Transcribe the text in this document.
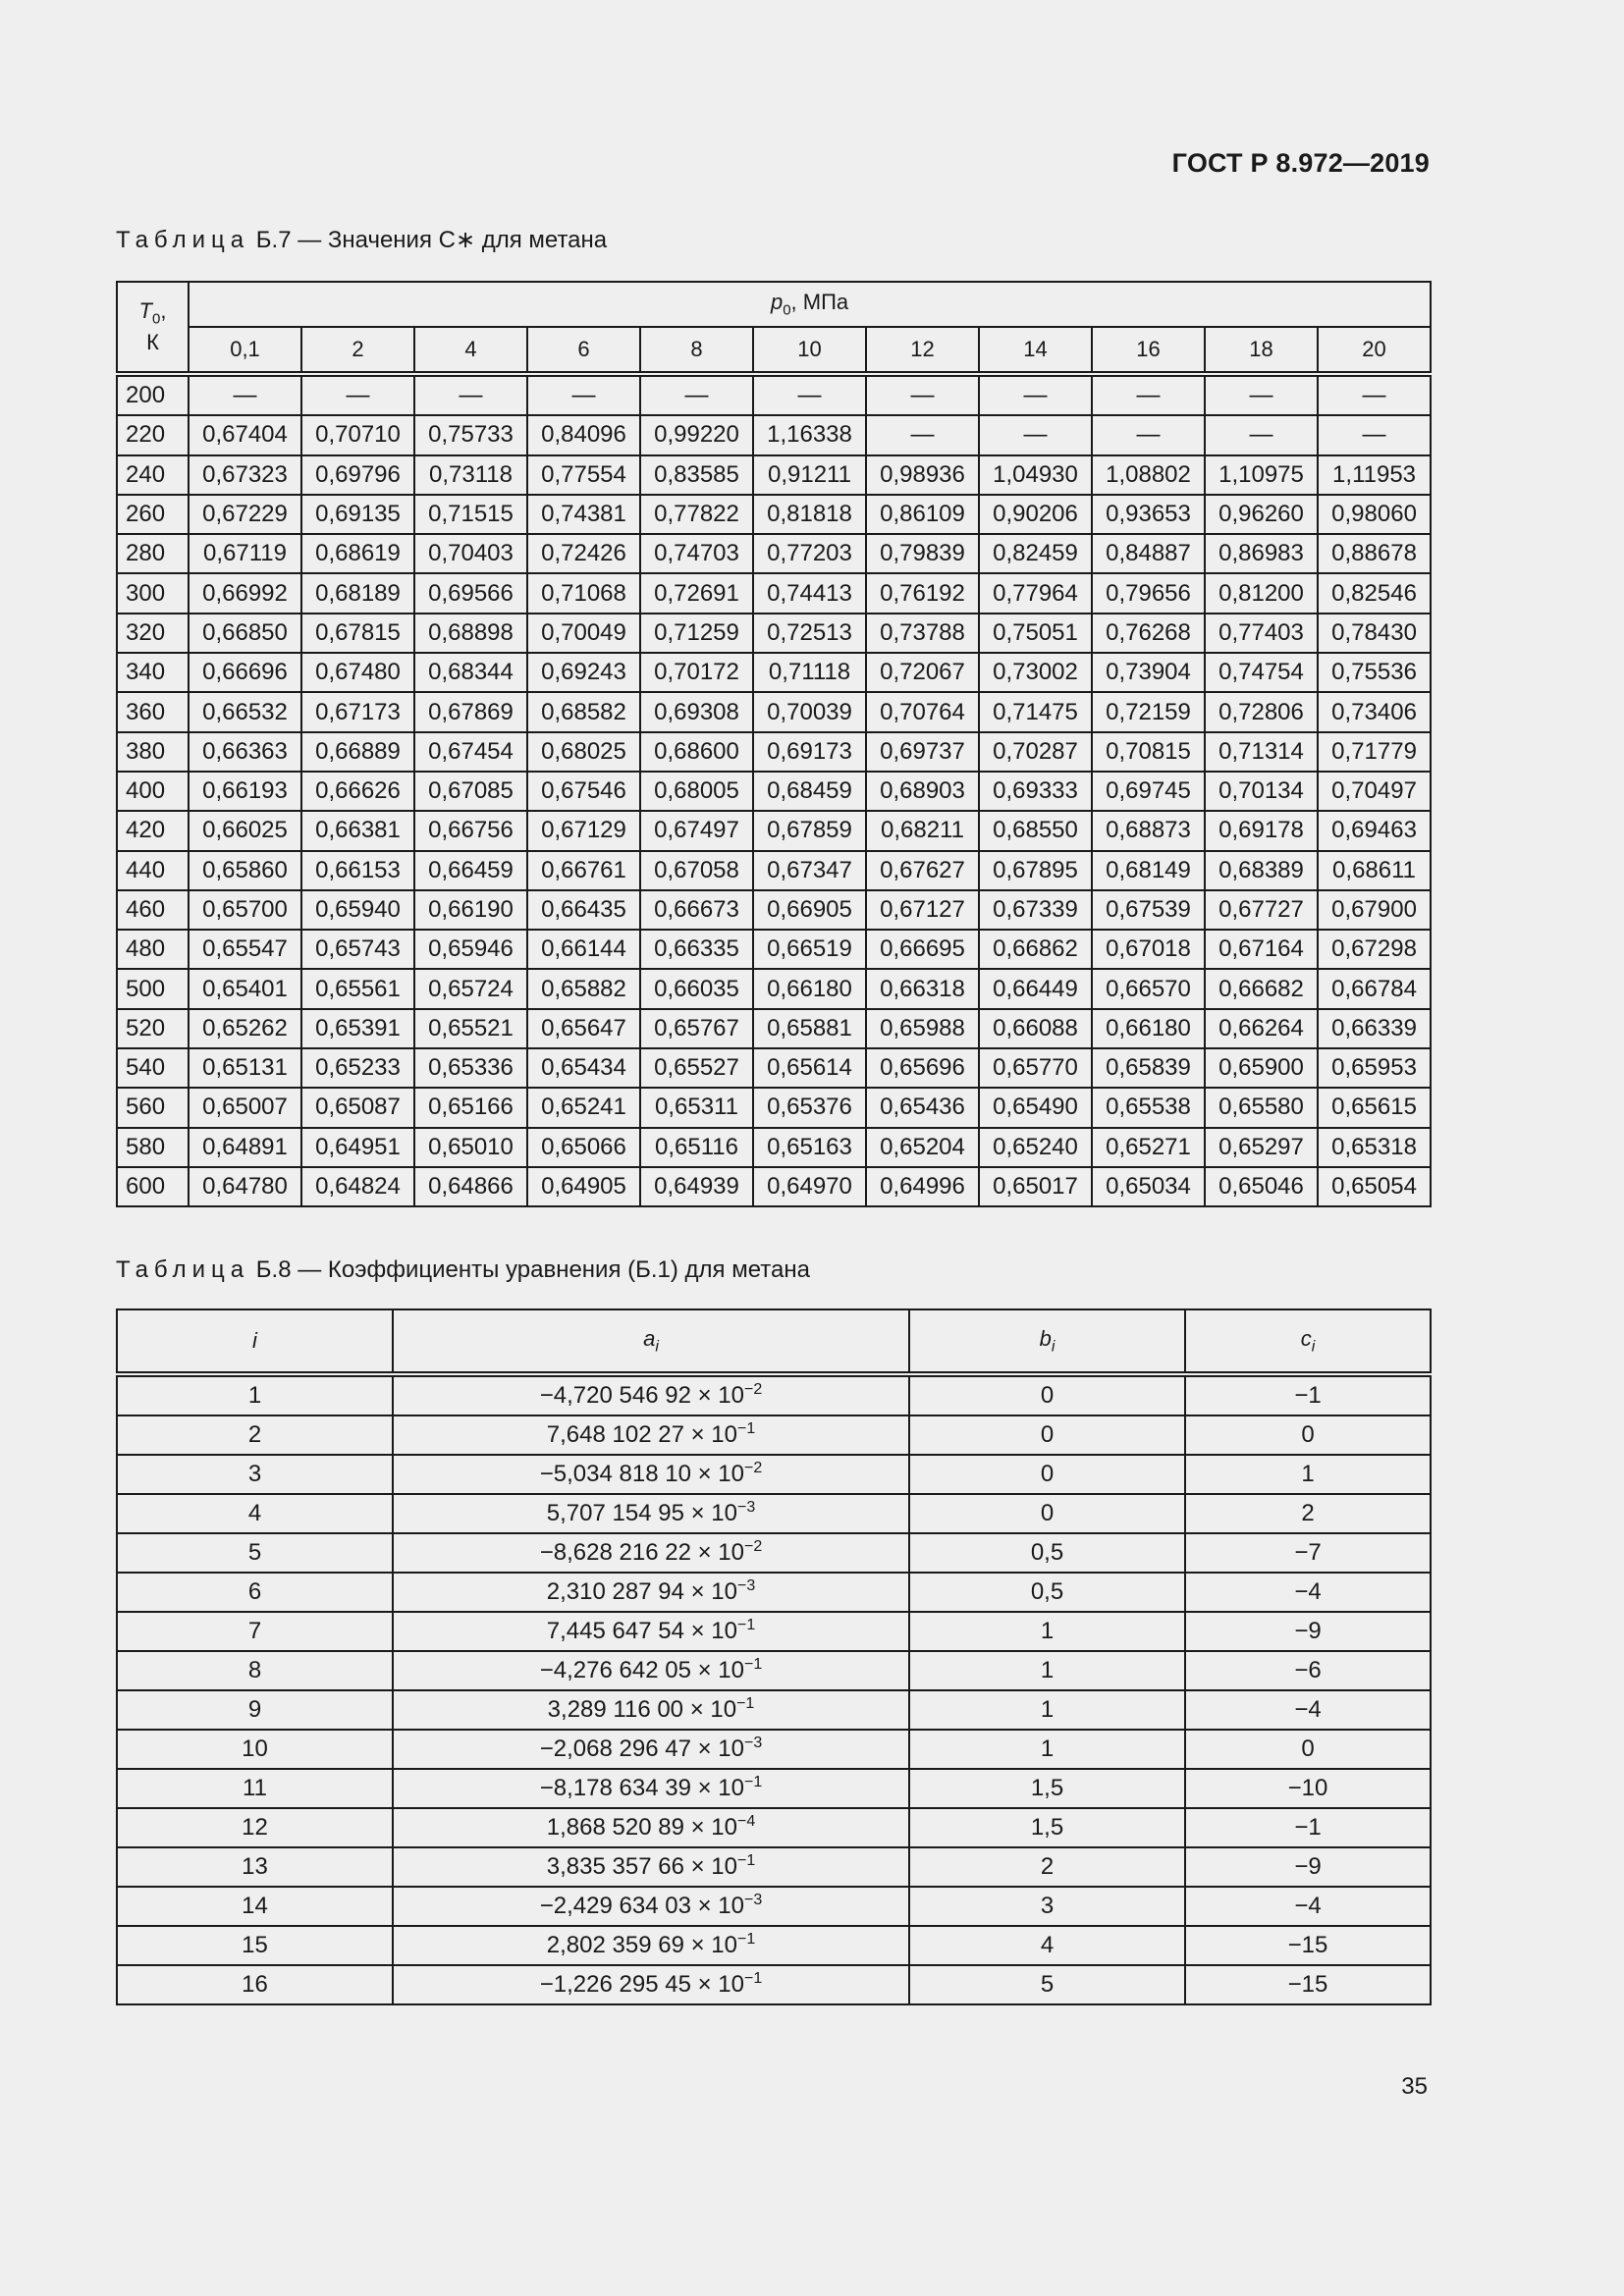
ГОСТ Р 8.972—2019
Таблица Б.7 — Значения C∗ для метана
$T_0$,
К	$p_0$, МПа										
	0,1	2	4	6	8	10	12	14	16	18	20
200	—	—	—	—	—	—	—	—	—	—	—
220	0,67404	0,70710	0,75733	0,84096	0,99220	1,16338	—	—	—	—	—
240	0,67323	0,69796	0,73118	0,77554	0,83585	0,91211	0,98936	1,04930	1,08802	1,10975	1,11953
260	0,67229	0,69135	0,71515	0,74381	0,77822	0,81818	0,86109	0,90206	0,93653	0,96260	0,98060
280	0,67119	0,68619	0,70403	0,72426	0,74703	0,77203	0,79839	0,82459	0,84887	0,86983	0,88678
300	0,66992	0,68189	0,69566	0,71068	0,72691	0,74413	0,76192	0,77964	0,79656	0,81200	0,82546
320	0,66850	0,67815	0,68898	0,70049	0,71259	0,72513	0,73788	0,75051	0,76268	0,77403	0,78430
340	0,66696	0,67480	0,68344	0,69243	0,70172	0,71118	0,72067	0,73002	0,73904	0,74754	0,75536
360	0,66532	0,67173	0,67869	0,68582	0,69308	0,70039	0,70764	0,71475	0,72159	0,72806	0,73406
380	0,66363	0,66889	0,67454	0,68025	0,68600	0,69173	0,69737	0,70287	0,70815	0,71314	0,71779
400	0,66193	0,66626	0,67085	0,67546	0,68005	0,68459	0,68903	0,69333	0,69745	0,70134	0,70497
420	0,66025	0,66381	0,66756	0,67129	0,67497	0,67859	0,68211	0,68550	0,68873	0,69178	0,69463
440	0,65860	0,66153	0,66459	0,66761	0,67058	0,67347	0,67627	0,67895	0,68149	0,68389	0,68611
460	0,65700	0,65940	0,66190	0,66435	0,66673	0,66905	0,67127	0,67339	0,67539	0,67727	0,67900
480	0,65547	0,65743	0,65946	0,66144	0,66335	0,66519	0,66695	0,66862	0,67018	0,67164	0,67298
500	0,65401	0,65561	0,65724	0,65882	0,66035	0,66180	0,66318	0,66449	0,66570	0,66682	0,66784
520	0,65262	0,65391	0,65521	0,65647	0,65767	0,65881	0,65988	0,66088	0,66180	0,66264	0,66339
540	0,65131	0,65233	0,65336	0,65434	0,65527	0,65614	0,65696	0,65770	0,65839	0,65900	0,65953
560	0,65007	0,65087	0,65166	0,65241	0,65311	0,65376	0,65436	0,65490	0,65538	0,65580	0,65615
580	0,64891	0,64951	0,65010	0,65066	0,65116	0,65163	0,65204	0,65240	0,65271	0,65297	0,65318
600	0,64780	0,64824	0,64866	0,64905	0,64939	0,64970	0,64996	0,65017	0,65034	0,65046	0,65054
Таблица Б.8 — Коэффициенты уравнения (Б.1) для метана
i	$a_i$	$b_i$	$c_i$
1	−4,720 546 $92 \times 10^{-2}$	0	−1
2	7,648 102 $27 \times 10^{-1}$	0	0
3	−5,034 818 $10 \times 10^{-2}$	0	1
4	5,707 154 $95 \times 10^{-3}$	0	2
5	−8,628 216 $22 \times 10^{-2}$	0,5	−7
6	2,310 287 $94 \times 10^{-3}$	0,5	−4
7	7,445 647 $54 \times 10^{-1}$	1	−9
8	−4,276 642 $05 \times 10^{-1}$	1	−6
9	3,289 116 $00 \times 10^{-1}$	1	−4
10	−2,068 296 $47 \times 10^{-3}$	1	0
11	−8,178 634 $39 \times 10^{-1}$	1,5	−10
12	1,868 520 $89 \times 10^{-4}$	1,5	−1
13	3,835 357 $66 \times 10^{-1}$	2	−9
14	−2,429 634 $03 \times 10^{-3}$	3	−4
15	2,802 359 $69 \times 10^{-1}$	4	−15
16	−1,226 295 $45 \times 10^{-1}$	5	−15
35
